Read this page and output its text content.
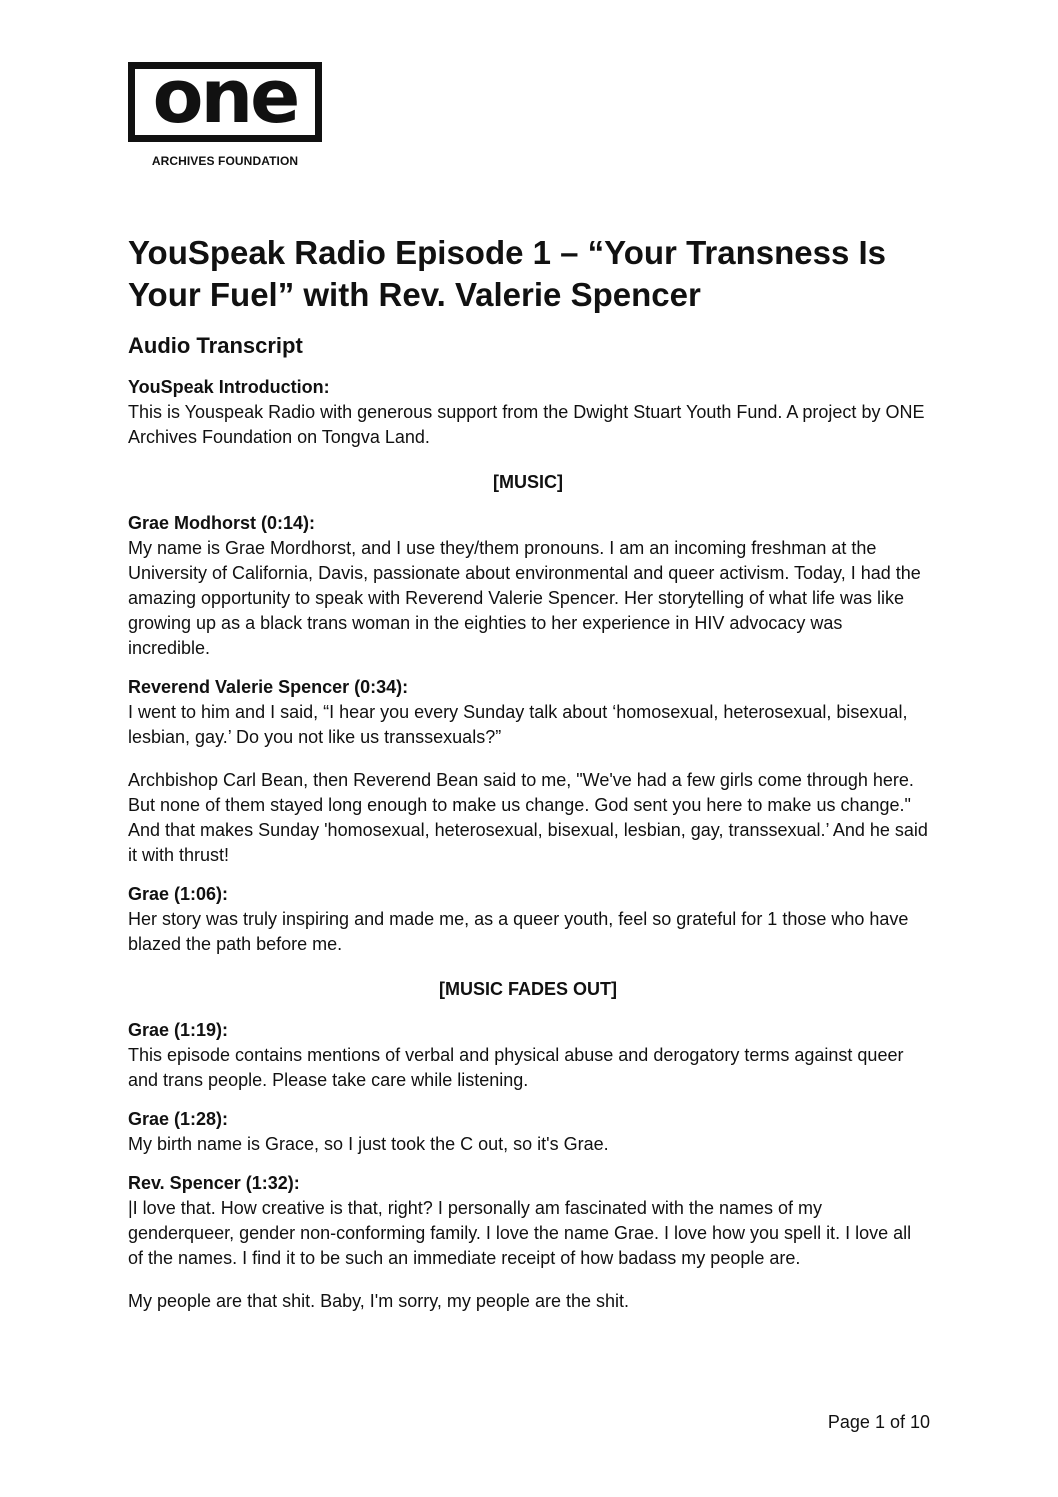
one
ARCHIVES FOUNDATION
YouSpeak Radio Episode 1 – “Your Transness Is Your Fuel” with Rev. Valerie Spencer
Audio Transcript
YouSpeak Introduction:

This is Youspeak Radio with generous support from the Dwight Stuart Youth Fund. A project by ONE Archives Foundation on Tongva Land.

[MUSIC]
Grae Modhorst (0:14):

My name is Grae Mordhorst, and I use they/them pronouns. I am an incoming freshman at the University of California, Davis, passionate about environmental and queer activism. Today, I had the amazing opportunity to speak with Reverend Valerie Spencer. Her storytelling of what life was like growing up as a black trans woman in the eighties to her experience in HIV advocacy was incredible.

Reverend Valerie Spencer (0:34):

I went to him and I said, “I hear you every Sunday talk about ‘homosexual, heterosexual, bisexual, lesbian, gay.’ Do you not like us transsexuals?”

Archbishop Carl Bean, then Reverend Bean said to me, "We've had a few girls come through here. But none of them stayed long enough to make us change. God sent you here to make us change." And that makes Sunday 'homosexual, heterosexual, bisexual, lesbian, gay, transsexual.’ And he said it with thrust!

Grae (1:06):

Her story was truly inspiring and made me, as a queer youth, feel so grateful for 1 those who have blazed the path before me.

[MUSIC FADES OUT]
Grae (1:19):

This episode contains mentions of verbal and physical abuse and derogatory terms against queer and trans people. Please take care while listening.

Grae (1:28):

My birth name is Grace, so I just took the C out, so it's Grae.

Rev. Spencer (1:32):

|I love that. How creative is that, right? I personally am fascinated with the names of my genderqueer, gender non-conforming family. I love the name Grae. I love how you spell it. I love all of the names. I find it to be such an immediate receipt of how badass my people are.

My people are that shit. Baby, I'm sorry, my people are the shit.

Page 1 of 10
